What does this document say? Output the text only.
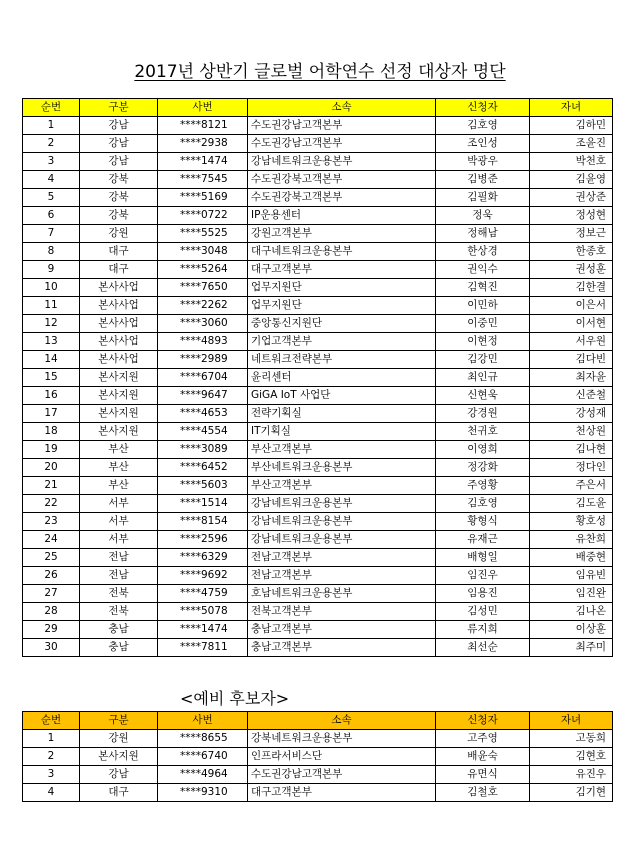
2017년 상반기 글로벌 어학연수 선정 대상자 명단
순번	구분	사번	소속	신청자	자녀
1	강남	****8121	수도권강남고객본부	김호영	김하민
2	강남	****2938	수도권강남고객본부	조인성	조윤진
3	강남	****1474	강남네트워크운용본부	박광우	박천호
4	강북	****7545	수도권강북고객본부	김병준	김윤영
5	강북	****5169	수도권강북고객본부	김필화	권상준
6	강북	****0722	IP운용센터	정욱	정성현
7	강원	****5525	강원고객본부	정해남	정보근
8	대구	****3048	대구네트워크운용본부	한상경	한종호
9	대구	****5264	대구고객본부	권익수	권성훈
10	본사사업	****7650	업무지원단	김혁진	김한결
11	본사사업	****2262	업무지원단	이민하	이은서
12	본사사업	****3060	중앙통신지원단	이중민	이서현
13	본사사업	****4893	기업고객본부	이현정	서우원
14	본사사업	****2989	네트워크전략본부	김강민	김다빈
15	본사지원	****6704	윤리센터	최인규	최자윤
16	본사지원	****9647	GiGA IoT 사업단	신현욱	신준철
17	본사지원	****4653	전략기획실	강경원	강성재
18	본사지원	****4554	IT기획실	천귀호	천상원
19	부산	****3089	부산고객본부	이영희	김나현
20	부산	****6452	부산네트워크운용본부	정강화	정다인
21	부산	****5603	부산고객본부	주영황	주은서
22	서부	****1514	강남네트워크운용본부	김호영	김도윤
23	서부	****8154	강남네트워크운용본부	황형식	황호성
24	서부	****2596	강남네트워크운용본부	유재근	유찬희
25	전남	****6329	전남고객본부	배형일	배중현
26	전남	****9692	전남고객본부	임진우	임유빈
27	전북	****4759	호남네트워크운용본부	임용진	임진완
28	전북	****5078	전북고객본부	김성민	김나온
29	충남	****1474	충남고객본부	류지희	이상훈
30	충남	****7811	충남고객본부	최선순	최주미
<예비 후보자>
순번	구분	사번	소속	신청자	자녀
1	강원	****8655	강북네트워크운용본부	고주영	고동희
2	본사지원	****6740	인프라서비스단	배윤숙	김현호
3	강남	****4964	수도권강남고객본부	유면식	유진우
4	대구	****9310	대구고객본부	김철호	김기현
